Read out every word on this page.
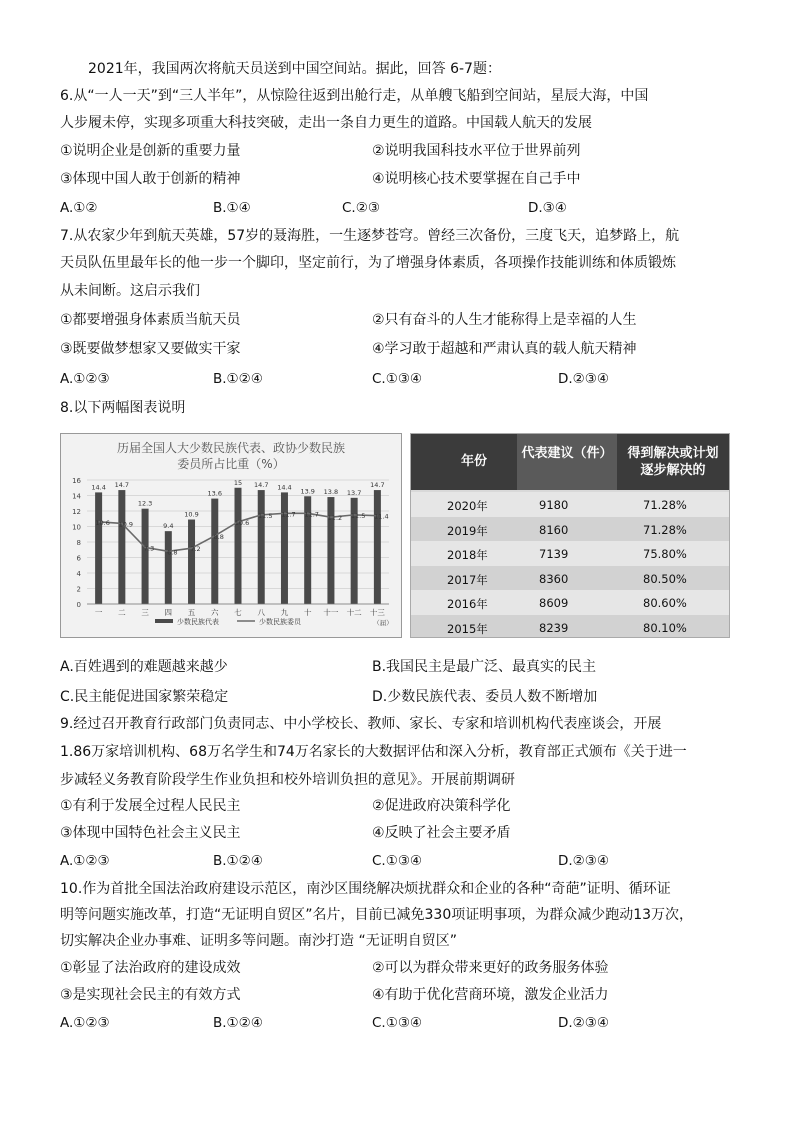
2021年，我国两次将航天员送到中国空间站。据此，回答 6-7题：
6.从“一人一天”到“三人半年”，从惊险往返到出舱行走，从单艘飞船到空间站，星辰大海，中国
人步履未停，实现多项重大科技突破，走出一条自力更生的道路。中国载人航天的发展
①说明企业是创新的重要力量	②说明我国科技水平位于世界前列
③体现中国人敢于创新的精神	④说明核心技术要掌握在自己手中
A.①②	B.①④	C.②③	D.③④
7.从农家少年到航天英雄，57岁的聂海胜，一生逐梦苍穹。曾经三次备份，三度飞天，追梦路上，航
天员队伍里最年长的他一步一个脚印，坚定前行，为了增强身体素质，各项操作技能训练和体质锻炼
从未间断。这启示我们
①都要增强身体素质当航天员	②只有奋斗的人生才能称得上是幸福的人生
③既要做梦想家又要做实干家	④学习敢于超越和严肃认真的载人航天精神
A.①②③	B.①②④	C.①③④	D.②③④
8.以下两幅图表说明
历届全国人大少数民族代表、政协少数民族
委员所占比重（%）
0
2
4
6
8
10
12
14
16
14.4 14.7
12.3
9.4
10.9
13.6
15 14.7 14.4 13.9 13.8 13.7
14.7
10.6 10.9
7.3 6.8 7.2
8.8
10.6
11.5 11.7 11.7 11.2 11.5 11.4
一 二 三 四 五 六 七 八 九 十 十一 十二 十三
（届）
少数民族代表	少数民族委员
年份
代表建议（件）	得到解决或计划逐步解决的
2020年	9180	71.28%
2019年	8160	71.28%
2018年	7139	75.80%
2017年	8360	80.50%
2016年	8609	80.60%
2015年	8239	80.10%
A.百姓遇到的难题越来越少	B.我国民主是最广泛、最真实的民主
C.民主能促进国家繁荣稳定	D.少数民族代表、委员人数不断增加
9.经过召开教育行政部门负责同志、中小学校长、教师、家长、专家和培训机构代表座谈会，开展
1.86万家培训机构、68万名学生和74万名家长的大数据评估和深入分析，教育部正式颁布《关于进一
步减轻义务教育阶段学生作业负担和校外培训负担的意见》。开展前期调研
①有利于发展全过程人民民主	②促进政府决策科学化
③体现中国特色社会主义民主	④反映了社会主要矛盾
A.①②③	B.①②④	C.①③④	D.②③④
10.作为首批全国法治政府建设示范区，南沙区围绕解决烦扰群众和企业的各种“奇葩”证明、循环证
明等问题实施改革，打造“无证明自贸区”名片，目前已减免330项证明事项，为群众减少跑动13万次，
切实解决企业办事难、证明多等问题。南沙打造 “无证明自贸区”
①彰显了法治政府的建设成效	②可以为群众带来更好的政务服务体验
③是实现社会民主的有效方式	④有助于优化营商环境，激发企业活力
A.①②③	B.①②④	C.①③④	D.②③④
